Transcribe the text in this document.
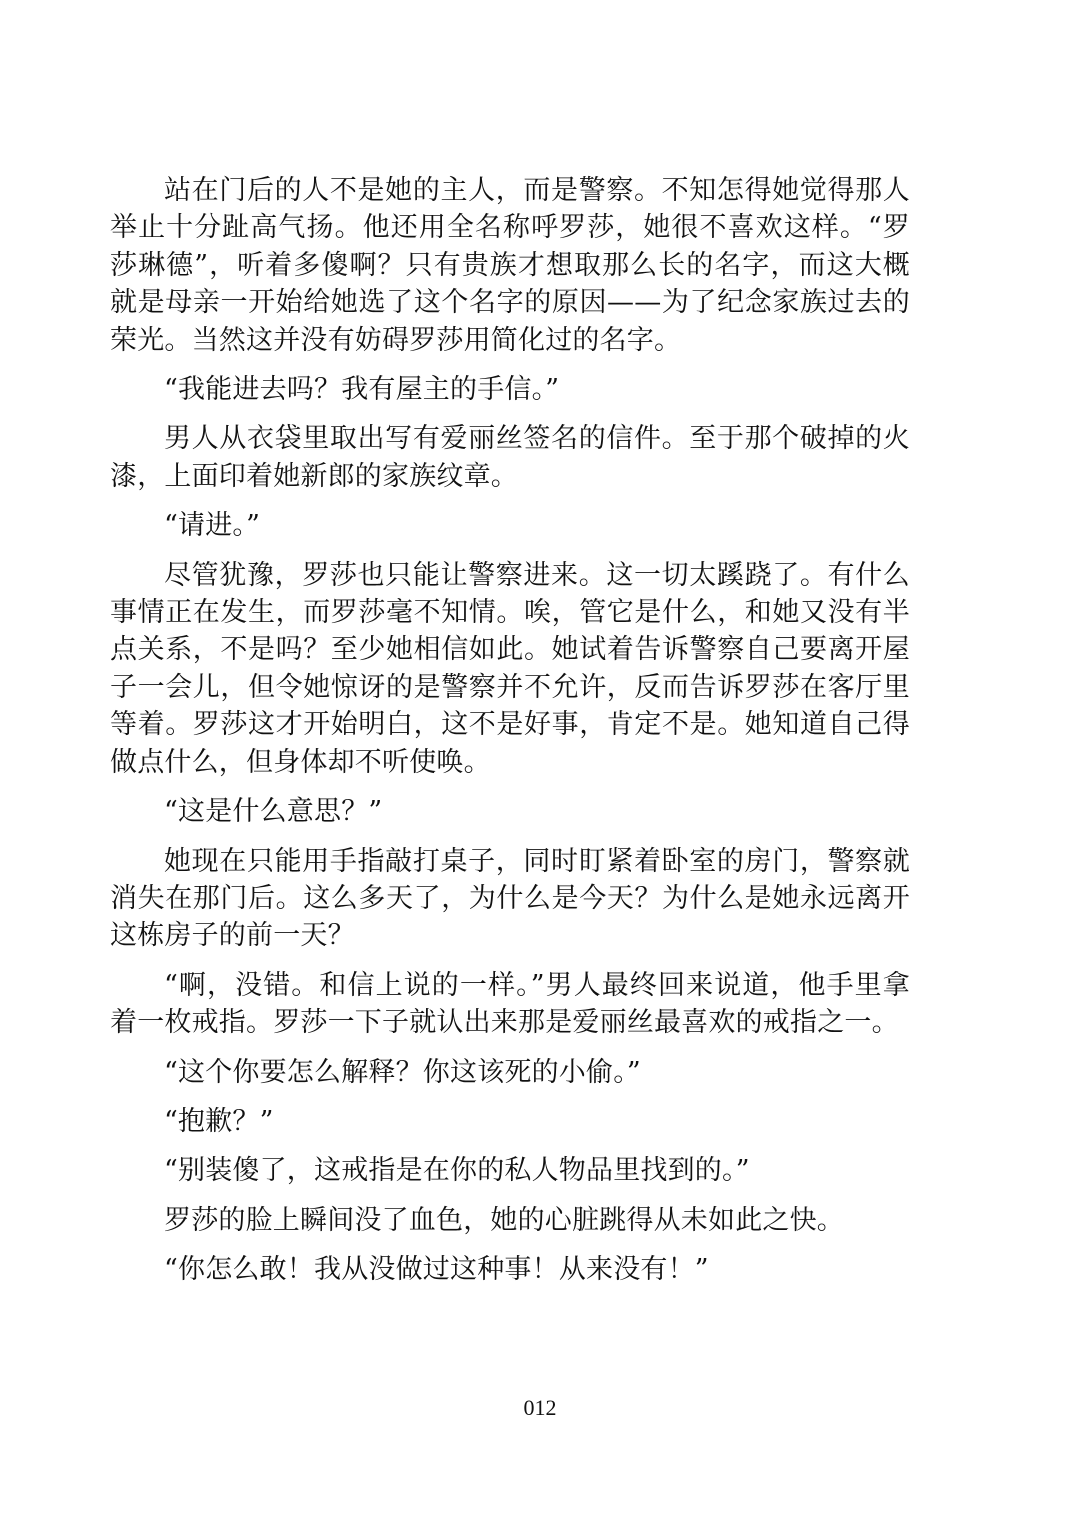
站在门后的人不是她的主人，而是警察。不知怎得她觉得那人举止十分趾高气扬。他还用全名称呼罗莎，她很不喜欢这样。“罗莎琳德”，听着多傻啊？只有贵族才想取那么长的名字，而这大概就是母亲一开始给她选了这个名字的原因——为了纪念家族过去的荣光。当然这并没有妨碍罗莎用简化过的名字。

“我能进去吗？我有屋主的手信。”

男人从衣袋里取出写有爱丽丝签名的信件。至于那个破掉的火漆，上面印着她新郎的家族纹章。

“请进。”

尽管犹豫，罗莎也只能让警察进来。这一切太蹊跷了。有什么事情正在发生，而罗莎毫不知情。唉，管它是什么，和她又没有半点关系，不是吗？至少她相信如此。她试着告诉警察自己要离开屋子一会儿，但令她惊讶的是警察并不允许，反而告诉罗莎在客厅里等着。罗莎这才开始明白，这不是好事，肯定不是。她知道自己得做点什么，但身体却不听使唤。

“这是什么意思？”

她现在只能用手指敲打桌子，同时盯紧着卧室的房门，警察就消失在那门后。这么多天了，为什么是今天？为什么是她永远离开这栋房子的前一天？

“啊，没错。和信上说的一样。”男人最终回来说道，他手里拿着一枚戒指。罗莎一下子就认出来那是爱丽丝最喜欢的戒指之一。

“这个你要怎么解释？你这该死的小偷。”

“抱歉？”

“别装傻了，这戒指是在你的私人物品里找到的。”

罗莎的脸上瞬间没了血色，她的心脏跳得从未如此之快。

“你怎么敢！我从没做过这种事！从来没有！”

012
